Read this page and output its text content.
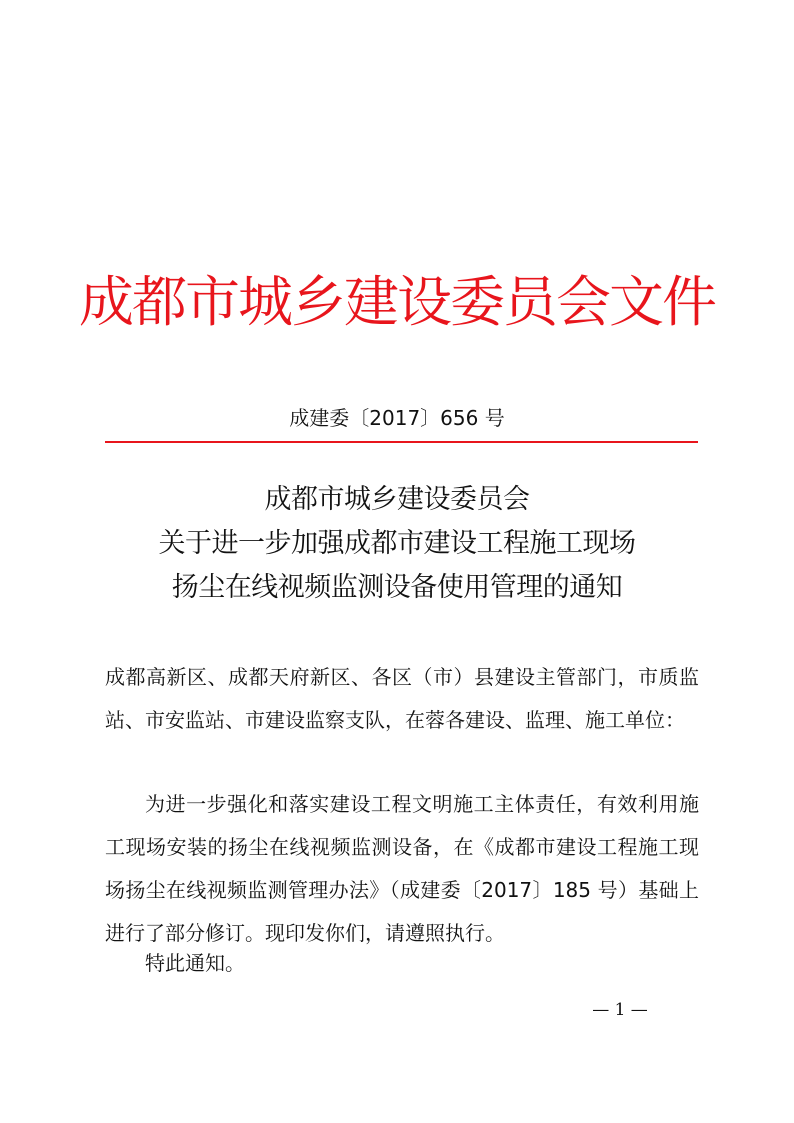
成都市城乡建设委员会文件
成建委〔2017〕656 号
成都市城乡建设委员会
关于进一步加强成都市建设工程施工现场
扬尘在线视频监测设备使用管理的通知
成都高新区、成都天府新区、各区（市）县建设主管部门，市质监站、市安监站、市建设监察支队，在蓉各建设、监理、施工单位：
为进一步强化和落实建设工程文明施工主体责任，有效利用施工现场安装的扬尘在线视频监测设备，在《成都市建设工程施工现场扬尘在线视频监测管理办法》（成建委〔2017〕185 号）基础上进行了部分修订。现印发你们，请遵照执行。
特此通知。
— 1 —
